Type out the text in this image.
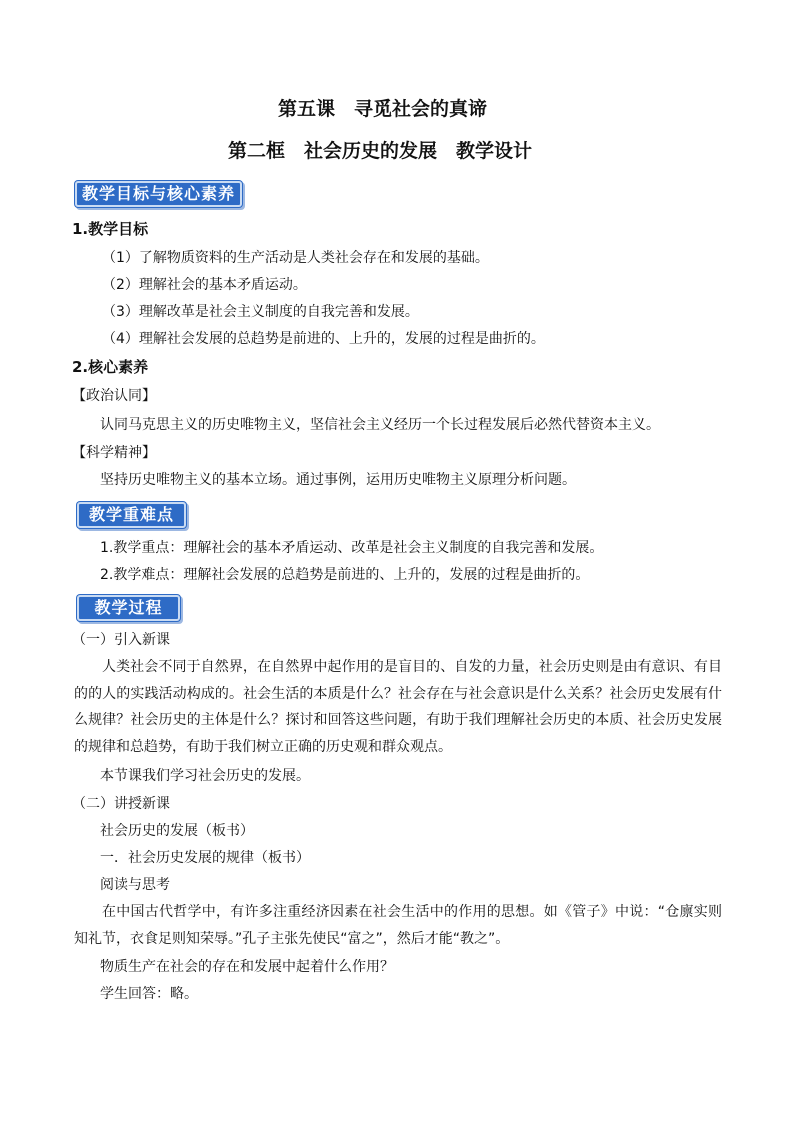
第五课　寻觅社会的真谛
第二框　社会历史的发展　教学设计
教学目标与核心素养
1.教学目标
（1）了解物质资料的生产活动是人类社会存在和发展的基础。
（2）理解社会的基本矛盾运动。
（3）理解改革是社会主义制度的自我完善和发展。
（4）理解社会发展的总趋势是前进的、上升的，发展的过程是曲折的。
2.核心素养
【政治认同】
认同马克思主义的历史唯物主义，坚信社会主义经历一个长过程发展后必然代替资本主义。
【科学精神】
坚持历史唯物主义的基本立场。通过事例，运用历史唯物主义原理分析问题。
教学重难点
1.教学重点：理解社会的基本矛盾运动、改革是社会主义制度的自我完善和发展。
2.教学难点：理解社会发展的总趋势是前进的、上升的，发展的过程是曲折的。
教学过程
（一）引入新课
人类社会不同于自然界，在自然界中起作用的是盲目的、自发的力量，社会历史则是由有意识、有目的的人的实践活动构成的。社会生活的本质是什么？社会存在与社会意识是什么关系？社会历史发展有什么规律？社会历史的主体是什么？探讨和回答这些问题，有助于我们理解社会历史的本质、社会历史发展的规律和总趋势，有助于我们树立正确的历史观和群众观点。
本节课我们学习社会历史的发展。
（二）讲授新课
社会历史的发展（板书）
一．社会历史发展的规律（板书）
阅读与思考
在中国古代哲学中，有许多注重经济因素在社会生活中的作用的思想。如《管子》中说：“仓廪实则知礼节，衣食足则知荣辱。”孔子主张先使民“富之”，然后才能“教之”。
物质生产在社会的存在和发展中起着什么作用？
学生回答：略。
